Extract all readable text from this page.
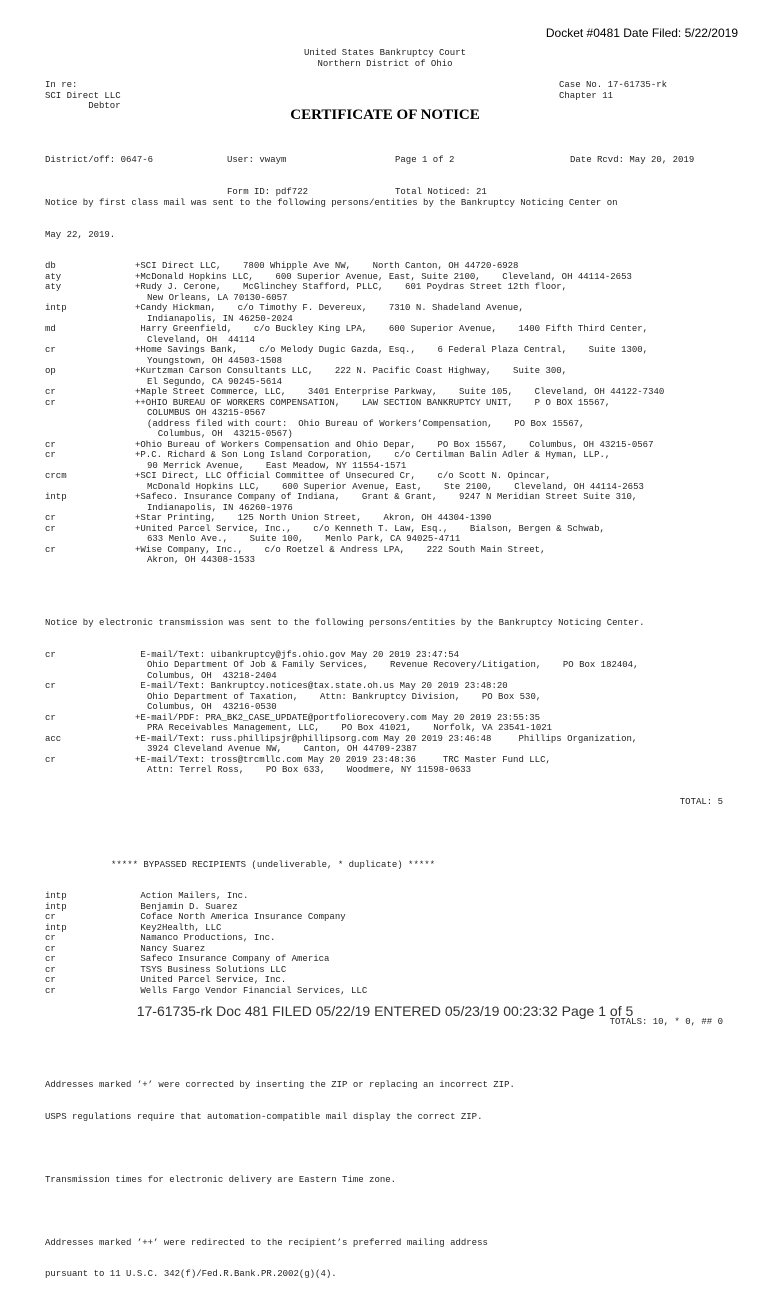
Docket #0481 Date Filed: 5/22/2019
United States Bankruptcy Court
Northern District of Ohio
In re:
SCI Direct LLC
Debtor
Case No. 17-61735-rk
Chapter 11
CERTIFICATE OF NOTICE

District/off: 0647-6	User: vwaym	Page 1 of 2	Date Rcvd: May 20, 2019

Form ID: pdf722	Total Noticed: 21

Notice by first class mail was sent to the following persons/entities by the Bankruptcy Noticing Center on

May 22, 2019.

db	+SCI Direct LLC,    7800 Whipple Ave NW,    North Canton, OH 44720-6928
aty	+McDonald Hopkins LLC,    600 Superior Avenue, East, Suite 2100,    Cleveland, OH 44114-2653
aty	+Rudy J. Cerone,    McGlinchey Stafford, PLLC,    601 Poydras Street 12th floor,
New Orleans, LA 70130-6057
intp	+Candy Hickman,    c/o Timothy F. Devereux,    7310 N. Shadeland Avenue,
Indianapolis, IN 46250-2024
md	Harry Greenfield,    c/o Buckley King LPA,    600 Superior Avenue,    1400 Fifth Third Center,
Cleveland, OH  44114
cr	+Home Savings Bank,    c/o Melody Dugic Gazda, Esq.,    6 Federal Plaza Central,    Suite 1300,
Youngstown, OH 44503-1508
op	+Kurtzman Carson Consultants LLC,    222 N. Pacific Coast Highway,    Suite 300,
El Segundo, CA 90245-5614
cr	+Maple Street Commerce, LLC,    3401 Enterprise Parkway,    Suite 105,    Cleveland, OH 44122-7340
cr	++OHIO BUREAU OF WORKERS COMPENSATION,    LAW SECTION BANKRUPTCY UNIT,    P O BOX 15567,
COLUMBUS OH 43215-0567
(address filed with court:  Ohio Bureau of Workers’Compensation,    PO Box 15567,
Columbus, OH  43215-0567)
cr	+Ohio Bureau of Workers Compensation and Ohio Depar,    PO Box 15567,    Columbus, OH 43215-0567
cr	+P.C. Richard & Son Long Island Corporation,    c/o Certilman Balin Adler & Hyman, LLP.,
90 Merrick Avenue,    East Meadow, NY 11554-1571
crcm	+SCI Direct, LLC Official Committee of Unsecured Cr,    c/o Scott N. Opincar,
McDonald Hopkins LLC,    600 Superior Avenue, East,    Ste 2100,    Cleveland, OH 44114-2653
intp	+Safeco. Insurance Company of Indiana,    Grant & Grant,    9247 N Meridian Street Suite 310,
Indianapolis, IN 46260-1976
cr	+Star Printing,    125 North Union Street,    Akron, OH 44304-1390
cr	+United Parcel Service, Inc.,    c/o Kenneth T. Law, Esq.,    Bialson, Bergen & Schwab,
633 Menlo Ave.,    Suite 100,    Menlo Park, CA 94025-4711
cr	+Wise Company, Inc.,    c/o Roetzel & Andress LPA,    222 South Main Street,
Akron, OH 44308-1533

Notice by electronic transmission was sent to the following persons/entities by the Bankruptcy Noticing Center.

cr	E-mail/Text: uibankruptcy@jfs.ohio.gov May 20 2019 23:47:54
Ohio Department Of Job & Family Services,    Revenue Recovery/Litigation,    PO Box 182404,
Columbus, OH  43218-2404
cr	E-mail/Text: Bankruptcy.notices@tax.state.oh.us May 20 2019 23:48:20
Ohio Department of Taxation,    Attn: Bankruptcy Division,    PO Box 530,
Columbus, OH  43216-0530
cr	+E-mail/PDF: PRA_BK2_CASE_UPDATE@portfoliorecovery.com May 20 2019 23:55:35
PRA Receivables Management, LLC,    PO Box 41021,    Norfolk, VA 23541-1021
acc	+E-mail/Text: russ.phillipsjr@phillipsorg.com May 20 2019 23:46:48     Phillips Organization,
3924 Cleveland Avenue NW,    Canton, OH 44709-2387
cr	+E-mail/Text: tross@trcmllc.com May 20 2019 23:48:36     TRC Master Fund LLC,
Attn: Terrel Ross,    PO Box 633,    Woodmere, NY 11598-0633

TOTAL: 5

***** BYPASSED RECIPIENTS (undeliverable, * duplicate) *****

intp	Action Mailers, Inc.
intp	Benjamin D. Suarez
cr	Coface North America Insurance Company
intp	Key2Health, LLC
cr	Namanco Productions, Inc.
cr	Nancy Suarez
cr	Safeco Insurance Company of America
cr	TSYS Business Solutions LLC
cr	United Parcel Service, Inc.
cr	Wells Fargo Vendor Financial Services, LLC

TOTALS: 10, * 0, ## 0

Addresses marked ’+’ were corrected by inserting the ZIP or replacing an incorrect ZIP.

USPS regulations require that automation-compatible mail display the correct ZIP.

Transmission times for electronic delivery are Eastern Time zone.

Addresses marked ’++’ were redirected to the recipient’s preferred mailing address

pursuant to 11 U.S.C. 342(f)/Fed.R.Bank.PR.2002(g)(4).

17-61735-rk Doc 481 FILED 05/22/19 ENTERED 05/23/19 00:23:32 Page 1 of 5
